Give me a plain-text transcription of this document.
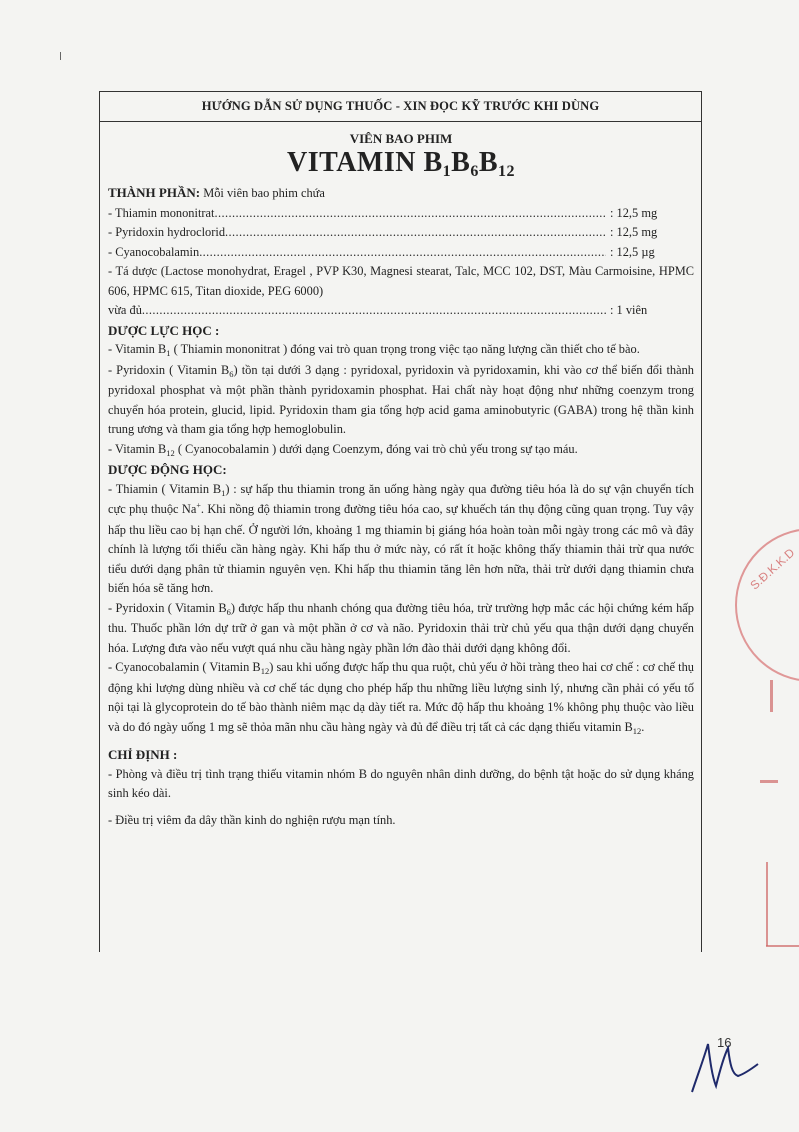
HƯỚNG DẪN SỬ DỤNG THUỐC - XIN ĐỌC KỸ TRƯỚC KHI DÙNG
VIÊN BAO PHIM
VITAMIN $B_1B_6B_{12}$
THÀNH PHẦN: Mỗi viên bao phim chứa
- Thiamin mononitrat .....	: 12,5 mg
- Pyridoxin hydroclorid .....	: 12,5 mg
- Cyanocobalamin .....	: 12,5 µg

- Tá dược (Lactose monohydrat, Eragel , PVP K30, Magnesi stearat, Talc, MCC 102, DST, Màu Carmoisine, HPMC 606, HPMC 615, Titan dioxide, PEG 6000)

vừa đủ .....	: 1 viên
DƯỢC LỰC HỌC :

- Vitamin $B_1$ ( Thiamin mononitrat ) đóng vai trò quan trọng trong việc tạo năng lượng cần thiết cho tế bào.

- Pyridoxin ( Vitamin $B_6$) tồn tại dưới 3 dạng : pyridoxal, pyridoxin và pyridoxamin, khi vào cơ thể biến đổi thành pyridoxal phosphat và một phần thành pyridoxamin phosphat. Hai chất này hoạt động như những coenzym trong chuyển hóa protein, glucid, lipid. Pyridoxin tham gia tổng hợp acid gama aminobutyric (GABA) trong hệ thần kinh trung ương và tham gia tổng hợp hemoglobulin.

- Vitamin $B_{12}$ ( Cyanocobalamin ) dưới dạng Coenzym, đóng vai trò chủ yếu trong sự tạo máu.

DƯỢC ĐỘNG HỌC:

- Thiamin ( Vitamin $B_1$) : sự hấp thu thiamin trong ăn uống hàng ngày qua đường tiêu hóa là do sự vận chuyển tích cực phụ thuộc Na+. Khi nồng độ thiamin trong đường tiêu hóa cao, sự khuếch tán thụ động cũng quan trọng. Tuy vậy hấp thu liều cao bị hạn chế. Ở người lớn, khoảng 1 mg thiamin bị giáng hóa hoàn toàn mỗi ngày trong các mô và đây chính là lượng tối thiểu cần hàng ngày. Khi hấp thu ở mức này, có rất ít hoặc không thấy thiamin thải trừ qua nước tiểu dưới dạng phân tử thiamin nguyên vẹn. Khi hấp thu thiamin tăng lên hơn nữa, thải trừ dưới dạng thiamin chưa biến hóa sẽ tăng hơn.

- Pyridoxin ( Vitamin $B_6$) được hấp thu nhanh chóng qua đường tiêu hóa, trừ trường hợp mắc các hội chứng kém hấp thu. Thuốc phần lớn dự trữ ở gan và một phần ở cơ và não. Pyridoxin thải trừ chủ yếu qua thận dưới dạng chuyển hóa. Lượng đưa vào nếu vượt quá nhu cầu hàng ngày phần lớn đào thải dưới dạng không đổi.

- Cyanocobalamin ( Vitamin $B_{12}$) sau khi uống được hấp thu qua ruột, chủ yếu ở hồi tràng theo hai cơ chế : cơ chế thụ động khi lượng dùng nhiều và cơ chế tác dụng cho phép hấp thu những liều lượng sinh lý, nhưng cần phải có yếu tố nội tại là glycoprotein do tế bào thành niêm mạc dạ dày tiết ra. Mức độ hấp thu khoảng 1% không phụ thuộc vào liều và do đó ngày uống 1 mg sẽ thỏa mãn nhu cầu hàng ngày và đủ để điều trị tất cả các dạng thiếu vitamin $B_{12}$.

CHỈ ĐỊNH :

- Phòng và điều trị tình trạng thiếu vitamin nhóm B do nguyên nhân dinh dưỡng, do bệnh tật hoặc do sử dụng kháng sinh kéo dài.

- Điều trị viêm đa dây thần kinh do nghiện rượu mạn tính.

S.Đ.K.K.D
16
